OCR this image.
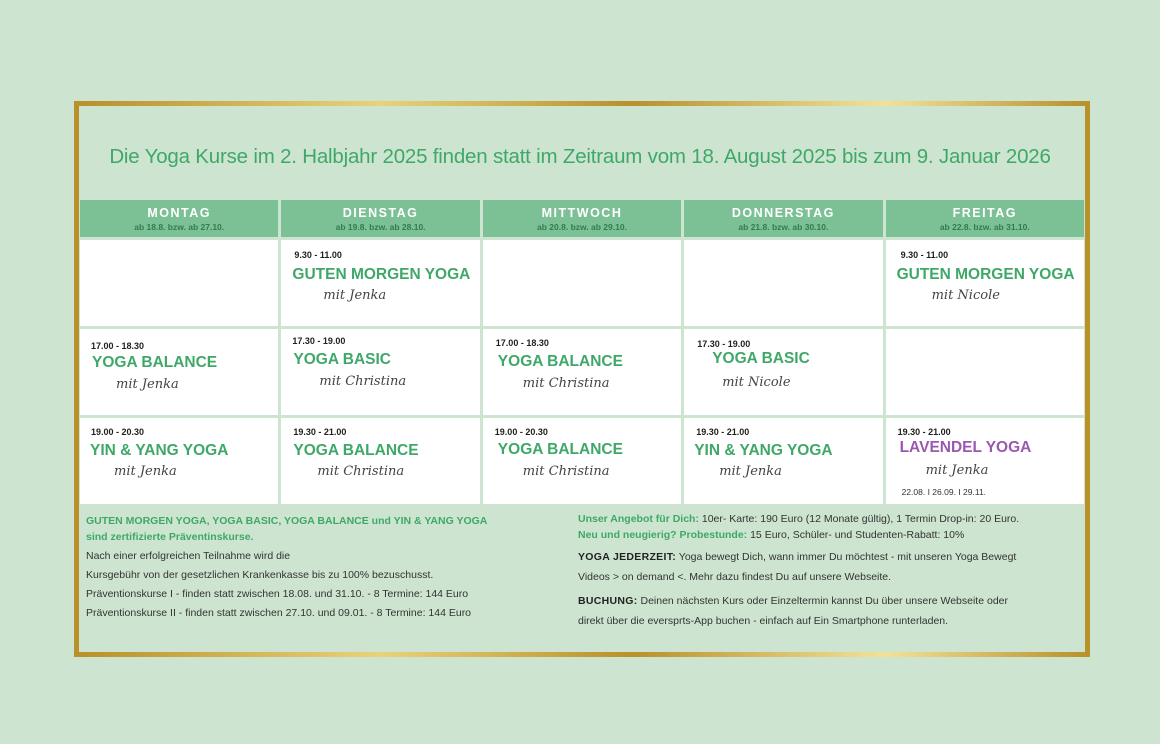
Die Yoga Kurse im 2. Halbjahr 2025 finden statt im Zeitraum vom 18. August 2025 bis zum 9. Januar 2026
MONTAG
ab 18.8. bzw. ab 27.10.
DIENSTAG
ab 19.8. bzw. ab 28.10.
MITTWOCH
ab 20.8. bzw. ab 29.10.
DONNERSTAG
ab 21.8. bzw. ab 30.10.
FREITAG
ab 22.8. bzw. ab 31.10.
9.30 - 11.00
GUTEN MORGEN YOGA
mit Jenka
9.30 - 11.00
GUTEN MORGEN YOGA
mit Nicole
17.00 - 18.30
YOGA BALANCE
mit Jenka
17.30 - 19.00
YOGA BASIC
mit Christina
17.00 - 18.30
YOGA BALANCE
mit Christina
17.30 - 19.00
YOGA BASIC
mit Nicole
19.00 - 20.30
YIN & YANG YOGA
mit Jenka
19.30 - 21.00
YOGA BALANCE
mit Christina
19.00 - 20.30
YOGA BALANCE
mit Christina
19.30 - 21.00
YIN & YANG YOGA
mit Jenka
19.30 - 21.00
LAVENDEL YOGA
mit Jenka
22.08. I 26.09. I 29.11.
GUTEN MORGEN YOGA, YOGA BASIC, YOGA BALANCE und YIN & YANG YOGA
sind zertifizierte Präventinskurse.
Nach einer erfolgreichen Teilnahme wird die
Kursgebühr von der gesetzlichen Krankenkasse bis zu 100% bezuschusst.
Präventionskurse I - finden statt zwischen 18.08. und 31.10. - 8 Termine: 144 Euro
Präventionskurse II - finden statt zwischen 27.10. und 09.01. - 8 Termine: 144 Euro

Unser Angebot für Dich: 10er- Karte: 190 Euro (12 Monate gültig), 1 Termin Drop-in: 20 Euro.

Neu und neugierig? Probestunde: 15 Euro, Schüler- und Studenten-Rabatt: 10%

YOGA JEDERZEIT: Yoga bewegt Dich, wann immer Du möchtest - mit unseren Yoga Bewegt
Videos > on demand <. Mehr dazu findest Du auf unsere Webseite.
BUCHUNG: Deinen nächsten Kurs oder Einzeltermin kannst Du über unsere Webseite oder
direkt über die eversprts-App buchen - einfach auf Ein Smartphone runterladen.
